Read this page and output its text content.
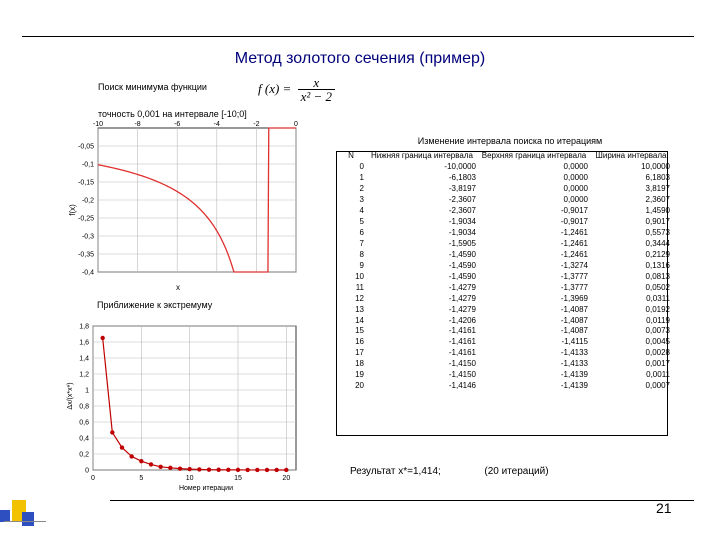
Метод золотого сечения (пример)
Поиск минимума функции	f $(x) = \frac{x}{\text{x² − 2}}$
точность 0,001 на интервале [-10;0]
-10	-8	-6	-4	-2	0
-0,05
-0,1
-0,15
-0,2
-0,25
-0,3
-0,35
-0,4
f(x)
x
Приближение к экстремуму
0	5	10	15	20
0
0,2
0,4
0,6
0,8
1
1,2
1,4
1,6
1,8
Δx/(x*x*)
Номер итерации
Изменение интервала поиска по итерациям
N	Нижняя граница интервала	Верхняя граница интервала	Ширина интервала
0	-10,0000	0,0000	10,0000
1	-6,1803	0,0000	6,1803
2	-3,8197	0,0000	3,8197
3	-2,3607	0,0000	2,3607
4	-2,3607	-0,9017	1,4590
5	-1,9034	-0,9017	0,9017
6	-1,9034	-1,2461	0,5573
7	-1,5905	-1,2461	0,3444
8	-1,4590	-1,2461	0,2129
9	-1,4590	-1,3274	0,1316
10	-1,4590	-1,3777	0,0813
11	-1,4279	-1,3777	0,0502
12	-1,4279	-1,3969	0,0311
13	-1,4279	-1,4087	0,0192
14	-1,4206	-1,4087	0,0119
15	-1,4161	-1,4087	0,0073
16	-1,4161	-1,4115	0,0045
17	-1,4161	-1,4133	0,0028
18	-1,4150	-1,4133	0,0017
19	-1,4150	-1,4139	0,0011
20	-1,4146	-1,4139	0,0007
Результат x*=1,414;	(20 итераций)
21
